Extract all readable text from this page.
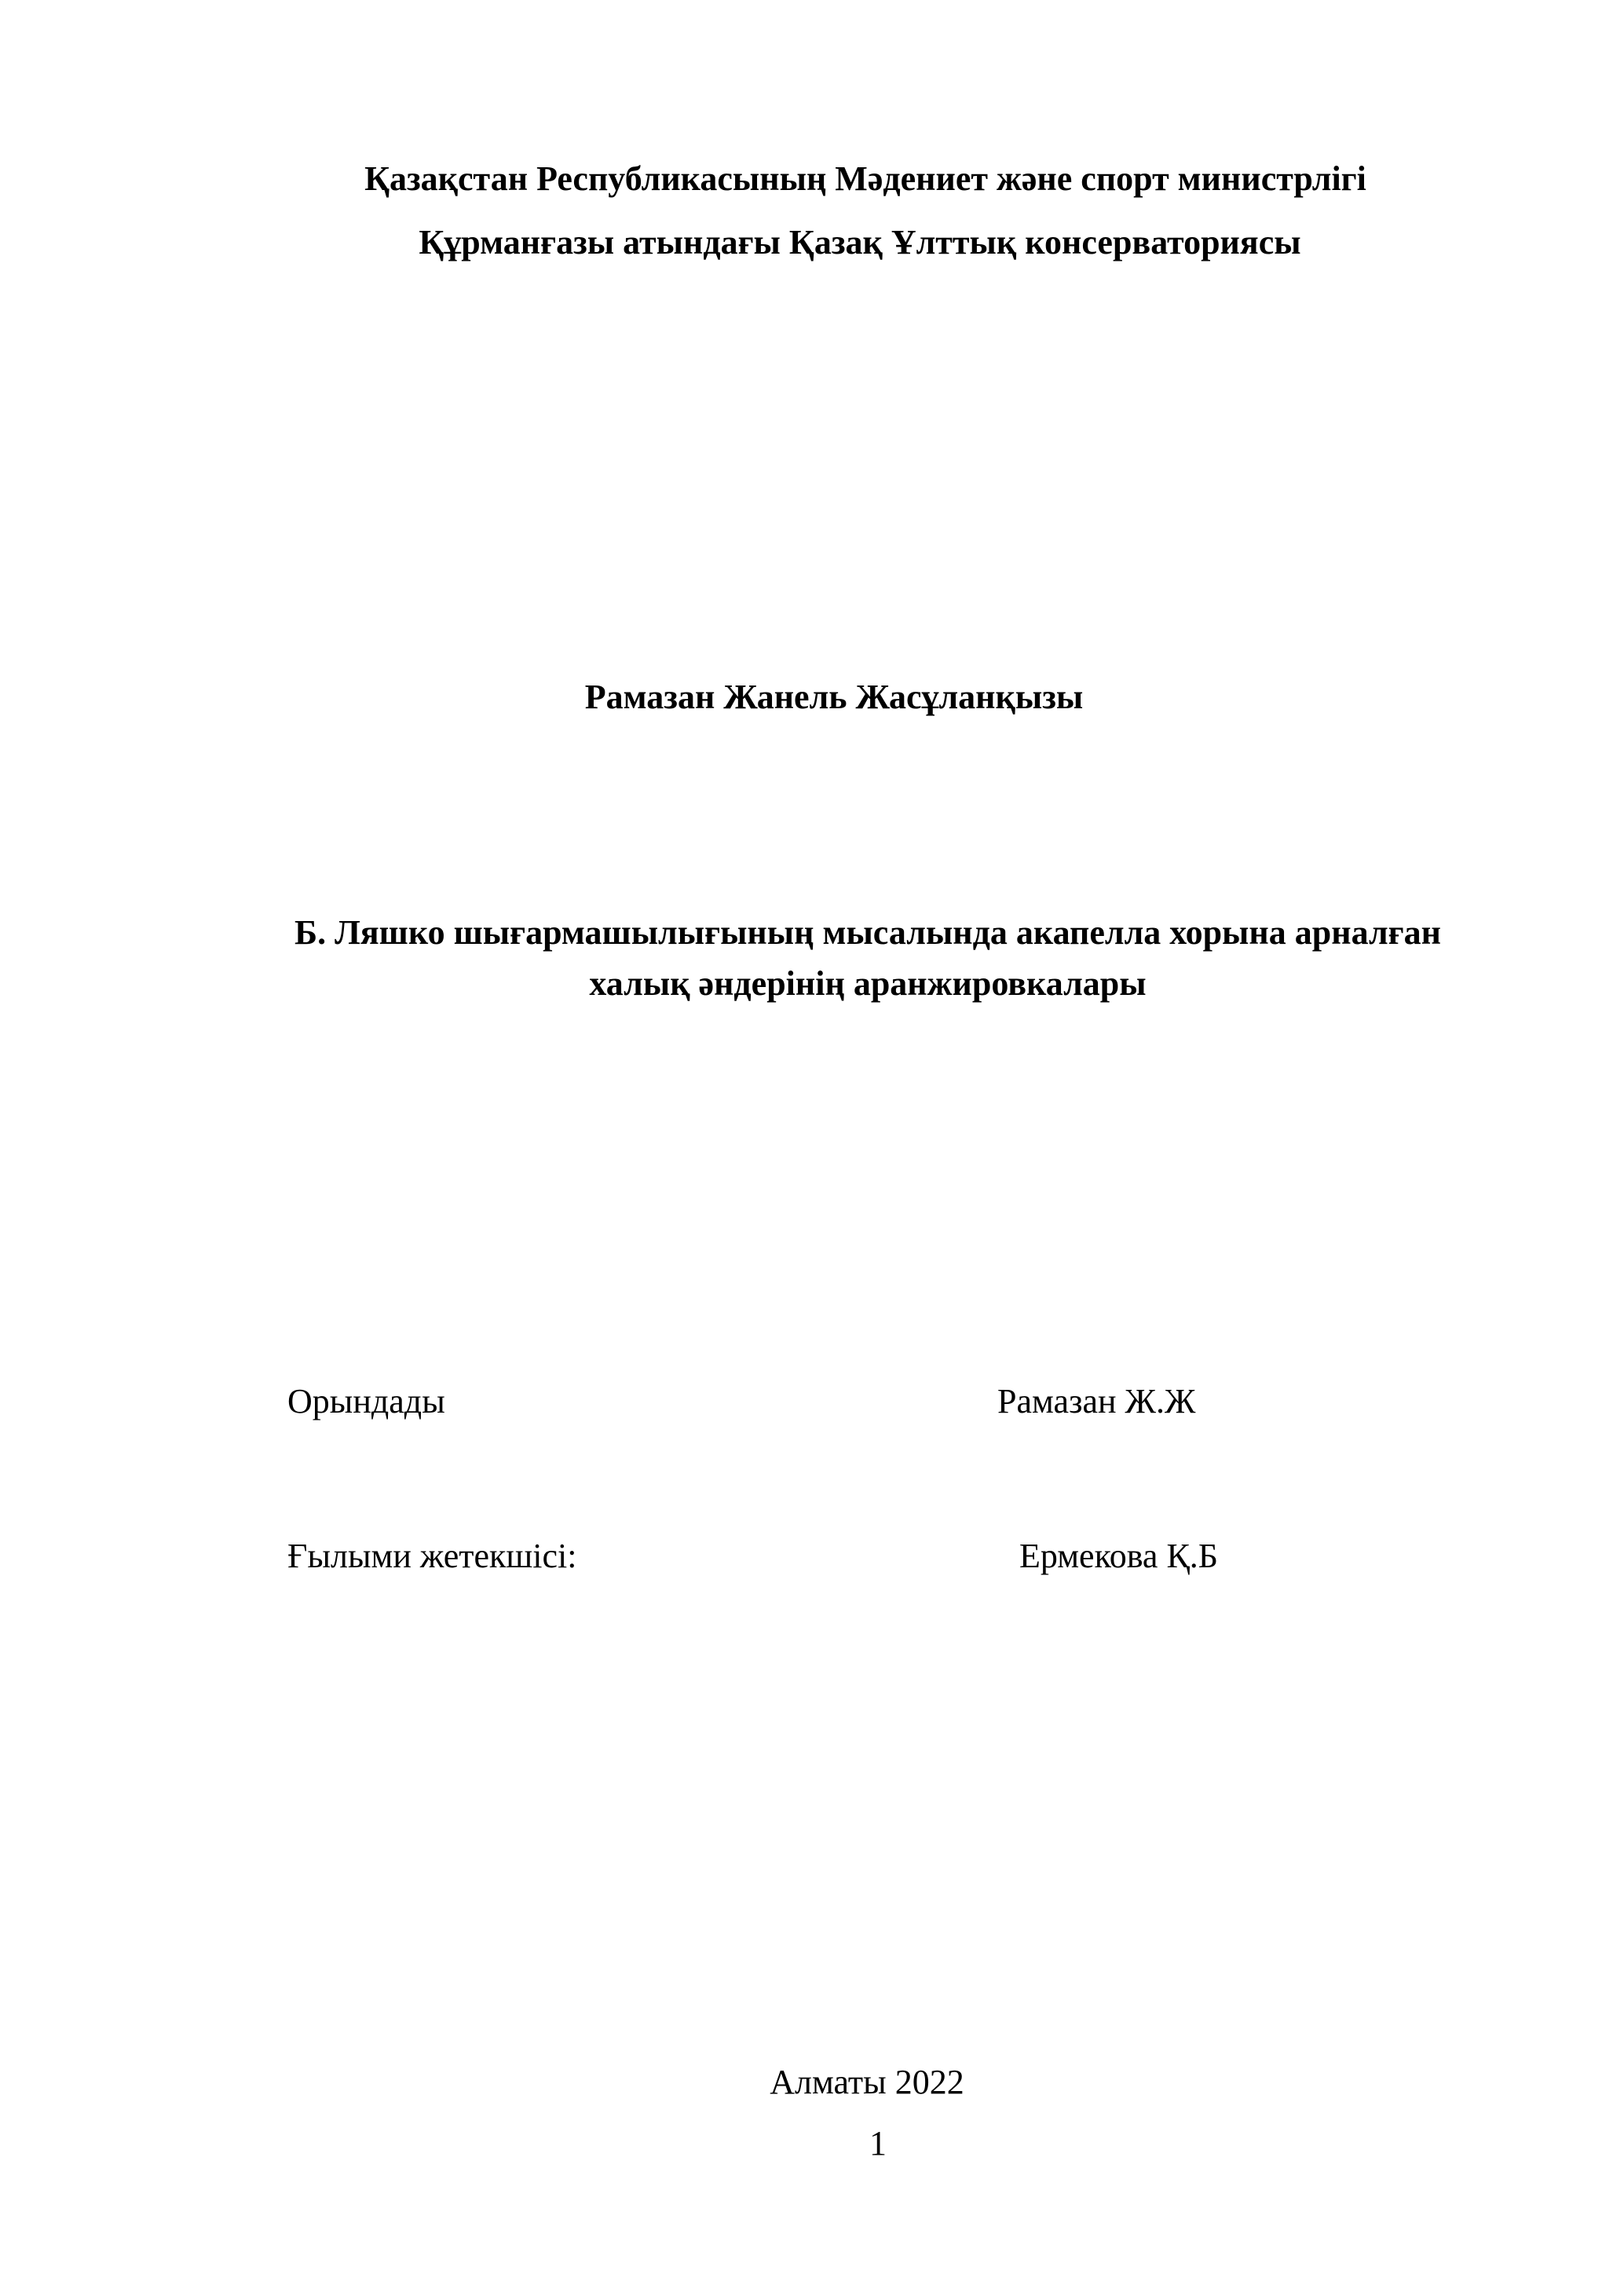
Қазақстан Республикасының Мәдениет және спорт министрлігі
Құрманғазы атындағы Қазақ Ұлттық консерваториясы
Рамазан Жанель Жасұланқызы
Б. Ляшко шығармашылығының мысалында акапелла хорына арналған
халық әндерінің аранжировкалары
Орындады	Рамазан Ж.Ж
Ғылыми жетекшісі:	Ермекова Қ.Б
Алматы 2022
1
